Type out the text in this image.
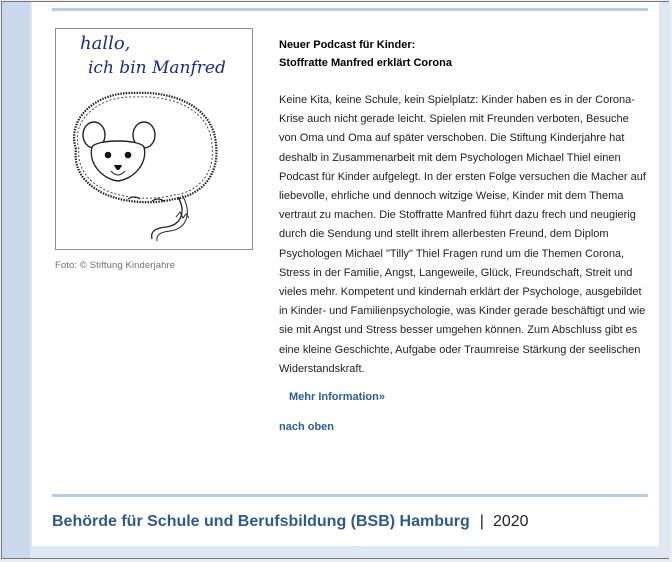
hallo,
ich bin Manfred
Foto: © Stiftung Kinderjahre
Neuer Podcast für Kinder:
Stoffratte Manfred erklärt Corona

Keine Kita, keine Schule, kein Spielplatz: Kinder haben es in der Corona-Krise auch nicht gerade leicht. Spielen mit Freunden verboten, Besuche von Oma und Oma auf später verschoben. Die Stiftung Kinderjahre hat deshalb in Zusammenarbeit mit dem Psychologen Michael Thiel einen Podcast für Kinder aufgelegt. In der ersten Folge versuchen die Macher auf liebevolle, ehrliche und dennoch witzige Weise, Kinder mit dem Thema vertraut zu machen. Die Stoffratte Manfred führt dazu frech und neugierig durch die Sendung und stellt ihrem allerbesten Freund, dem Diplom Psychologen Michael "Tilly" Thiel Fragen rund um die Themen Corona, Stress in der Familie, Angst, Langeweile, Glück, Freundschaft, Streit und vieles mehr. Kompetent und kindernah erklärt der Psychologe, ausgebildet in Kinder- und Familienpsychologie, was Kinder gerade beschäftigt und wie sie mit Angst und Stress besser umgehen können. Zum Abschluss gibt es eine kleine Geschichte, Aufgabe oder Traumreise Stärkung der seelischen Widerstandskraft.

Mehr Information»
nach oben
Behörde für Schule und Berufsbildung (BSB) Hamburg | 2020
